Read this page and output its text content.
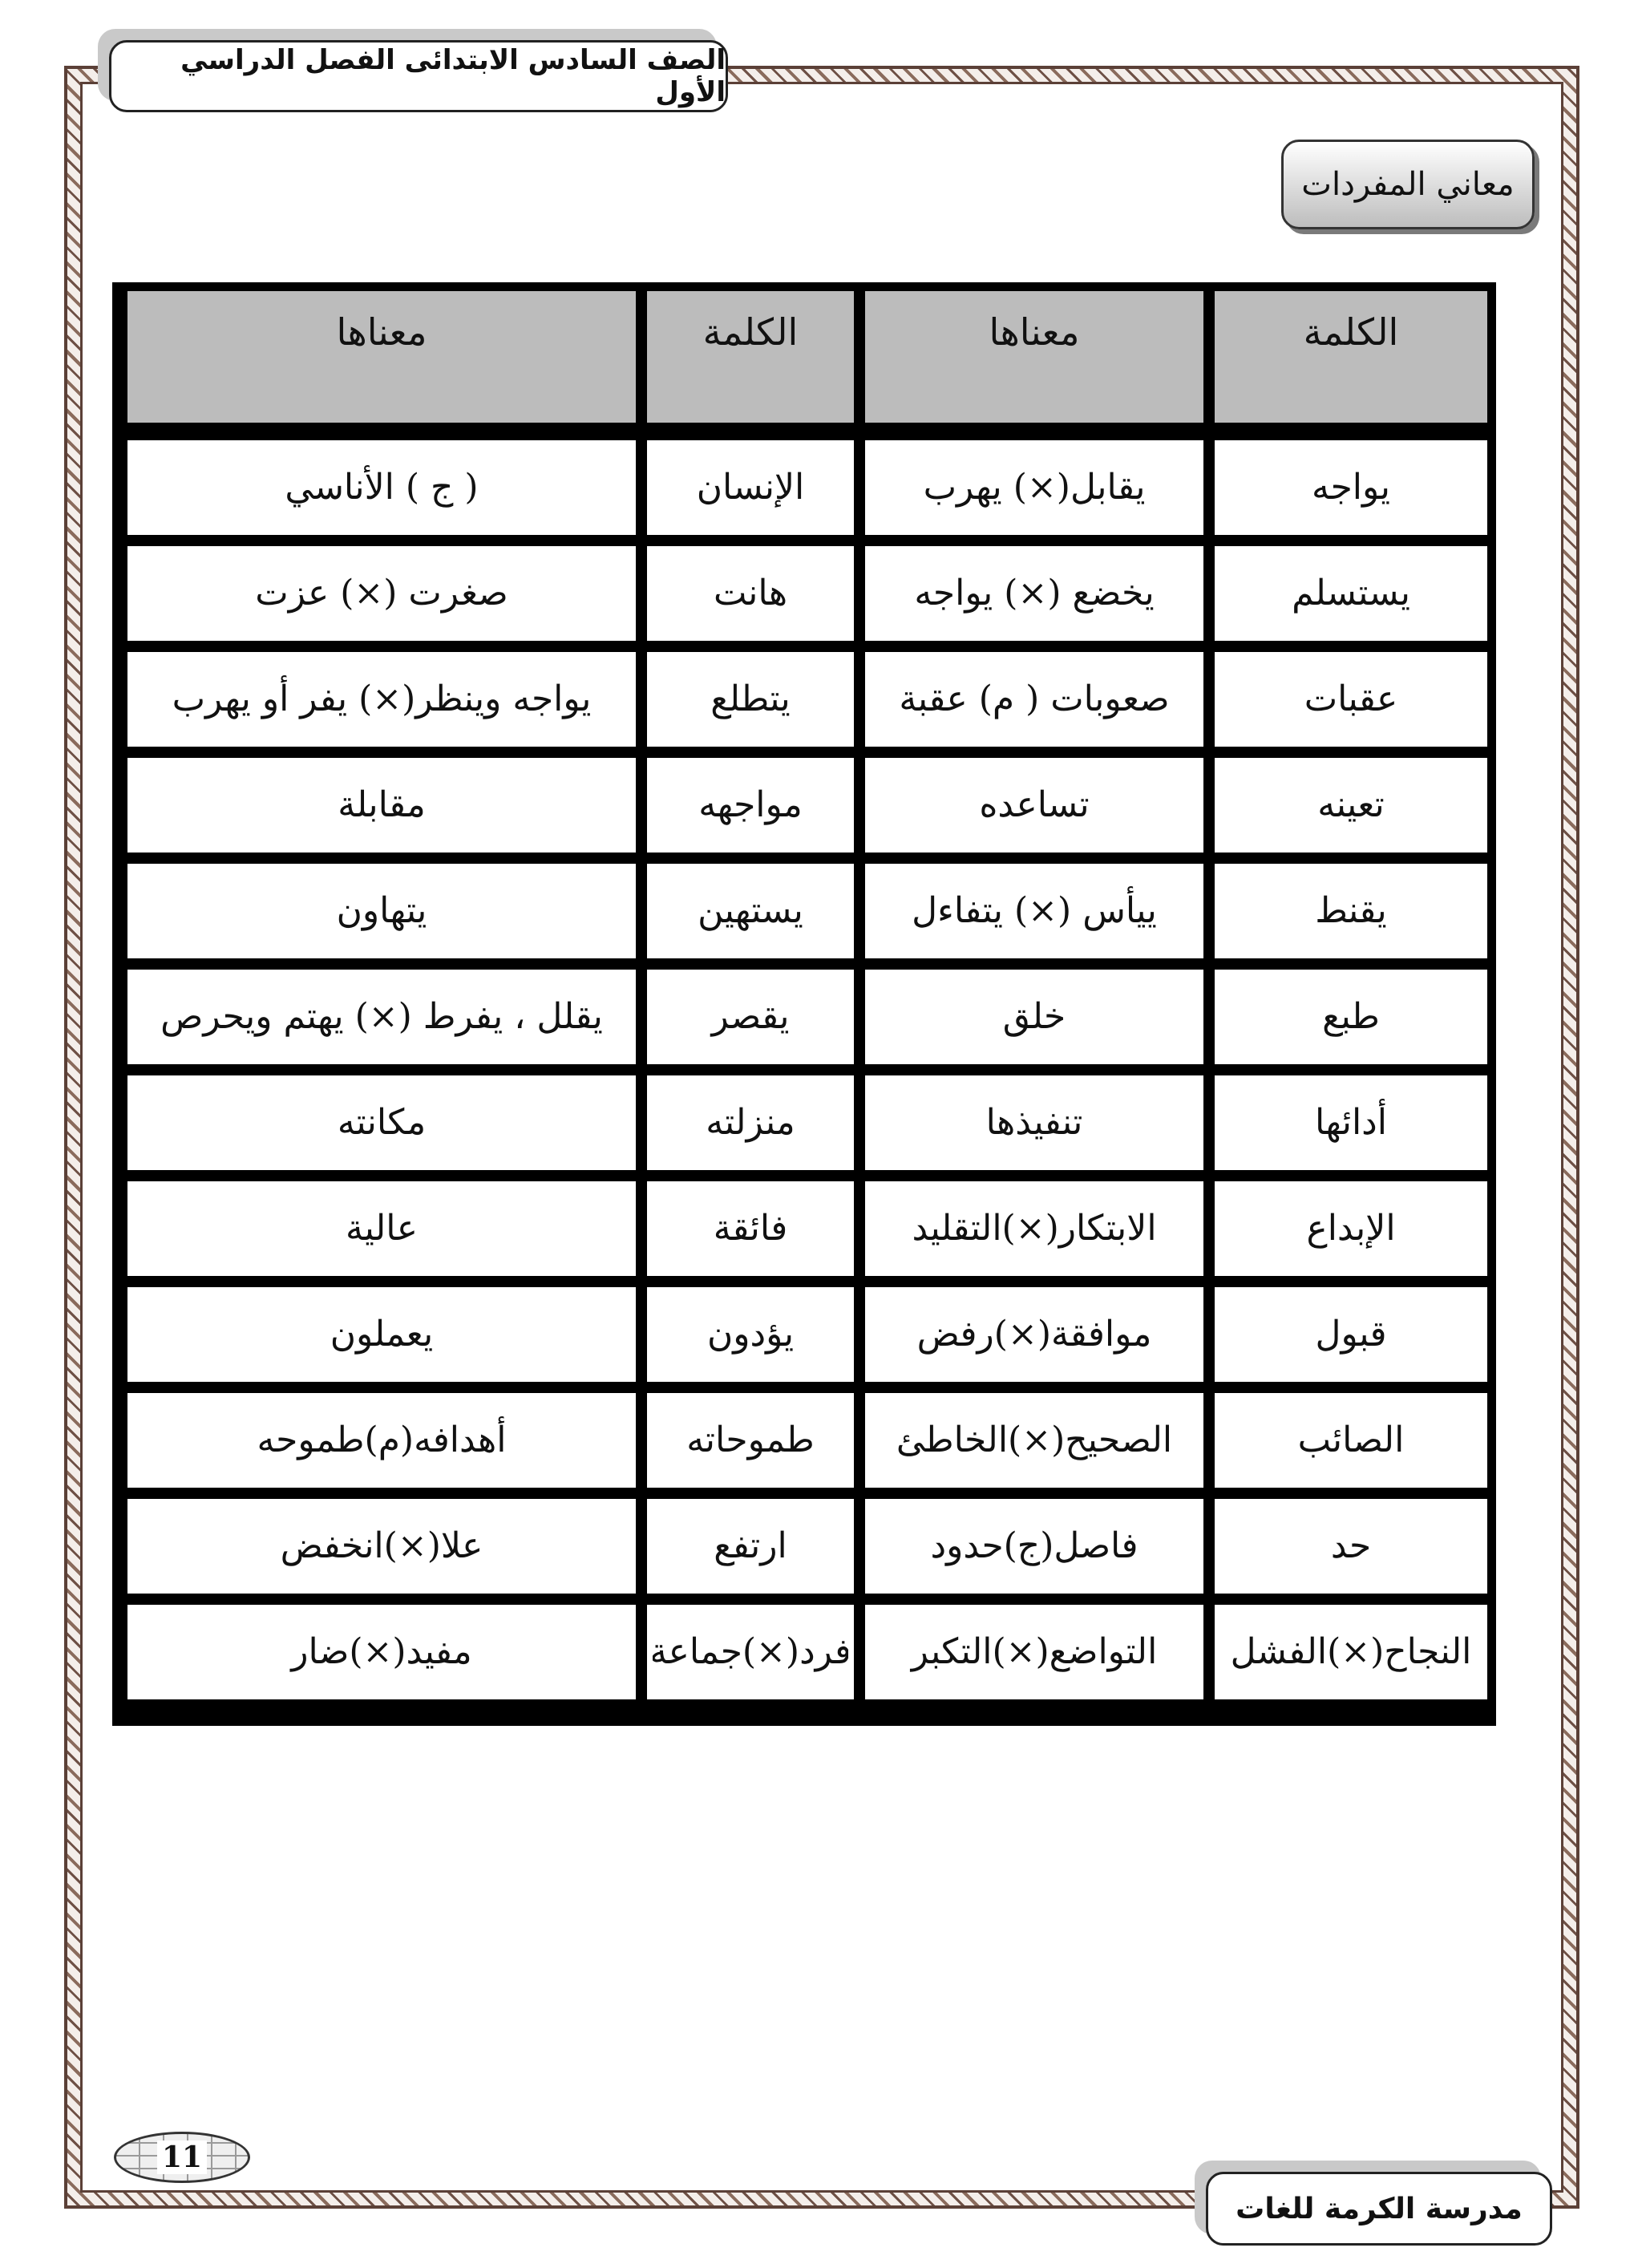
الصف السادس الابتدائى الفصل الدراسي الأول
معاني المفردات
الكلمة
معناها
الكلمة
معناها
يواجه
يقابل(×) يهرب
الإنسان
( ج ) الأناسي
يستسلم
يخضع (×) يواجه
هانت
صغرت (×) عزت
عقبات
صعوبات ( م) عقبة
يتطلع
يواجه وينظر(×) يفر أو يهرب
تعينه
تساعده
مواجهه
مقابلة
يقنط
ييأس (×) يتفاءل
يستهين
يتهاون
طبع
خلق
يقصر
يقلل ، يفرط (×) يهتم ويحرص
أدائها
تنفيذها
منزلته
مكانته
الإبداع
الابتكار(×)التقليد
فائقة
عالية
قبول
موافقة(×)رفض
يؤدون
يعملون
الصائب
الصحيح(×)الخاطئ
طموحاته
أهدافه(م)طموحه
حد
فاصل(ج)حدود
ارتفع
علا(×)انخفض
النجاح(×)الفشل
التواضع(×)التكبر
فرد(×)جماعة
مفيد(×)ضار
11
مدرسة الكرمة للغات
